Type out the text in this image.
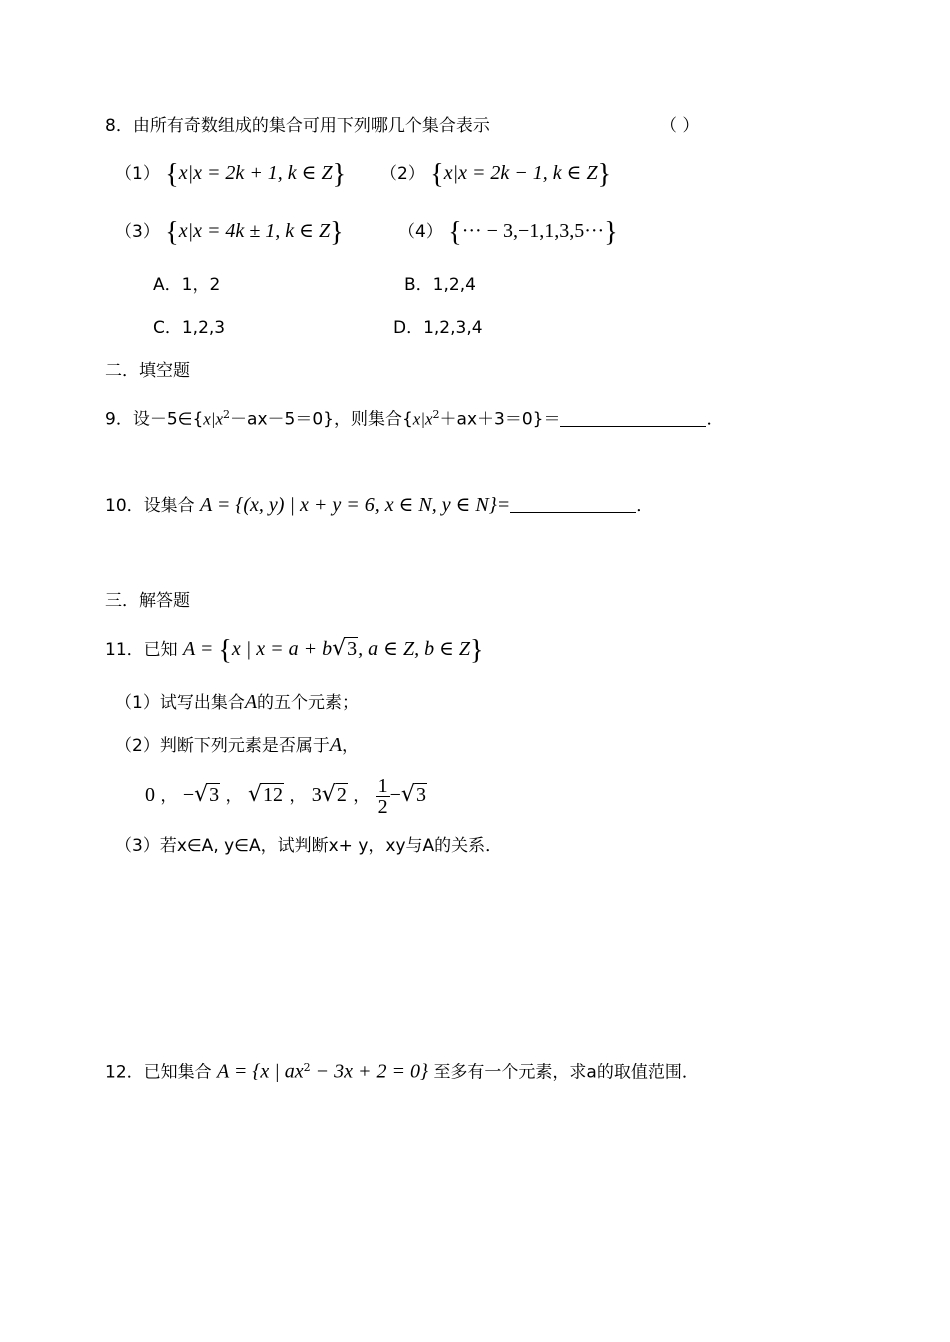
8．由所有奇数组成的集合可用下列哪几个集合表示	（ ）
（1） {x|x = 2k + 1, k ∈ Z} （2） {x|x = 2k − 1, k ∈ Z}
（3） {x|x = 4k ± 1, k ∈ Z}	（4） {··· − 3,−1,1,3,5···}
A．1，2	B．1,2,4
C．1,2,3	D．1,2,3,4
二．填空题
9．设$-5\in\{x|x^2-ax-5=0\}$，则集合$\{x|x^2+ax+3=0\}=$	．
10．设集合 A = {(x, y) | x + y = 6, x ∈ N, y ∈ N}=	．
三．解答题
11．已知 A = {x | x = a + b√3, a ∈ Z, b ∈ Z}
（1）试写出集合A的五个元素；
（2）判断下列元素是否属于A，
0 ， −√3 ， √12 ， 3√2 ， $\frac{1}{2} -√3$
（3）若x∈A, y∈A，试判断x+ y，xy与A的关系．
12．已知集合 A = {x | $ax^2 - 3x + 2 = 0$} 至多有一个元素，求a的取值范围．
